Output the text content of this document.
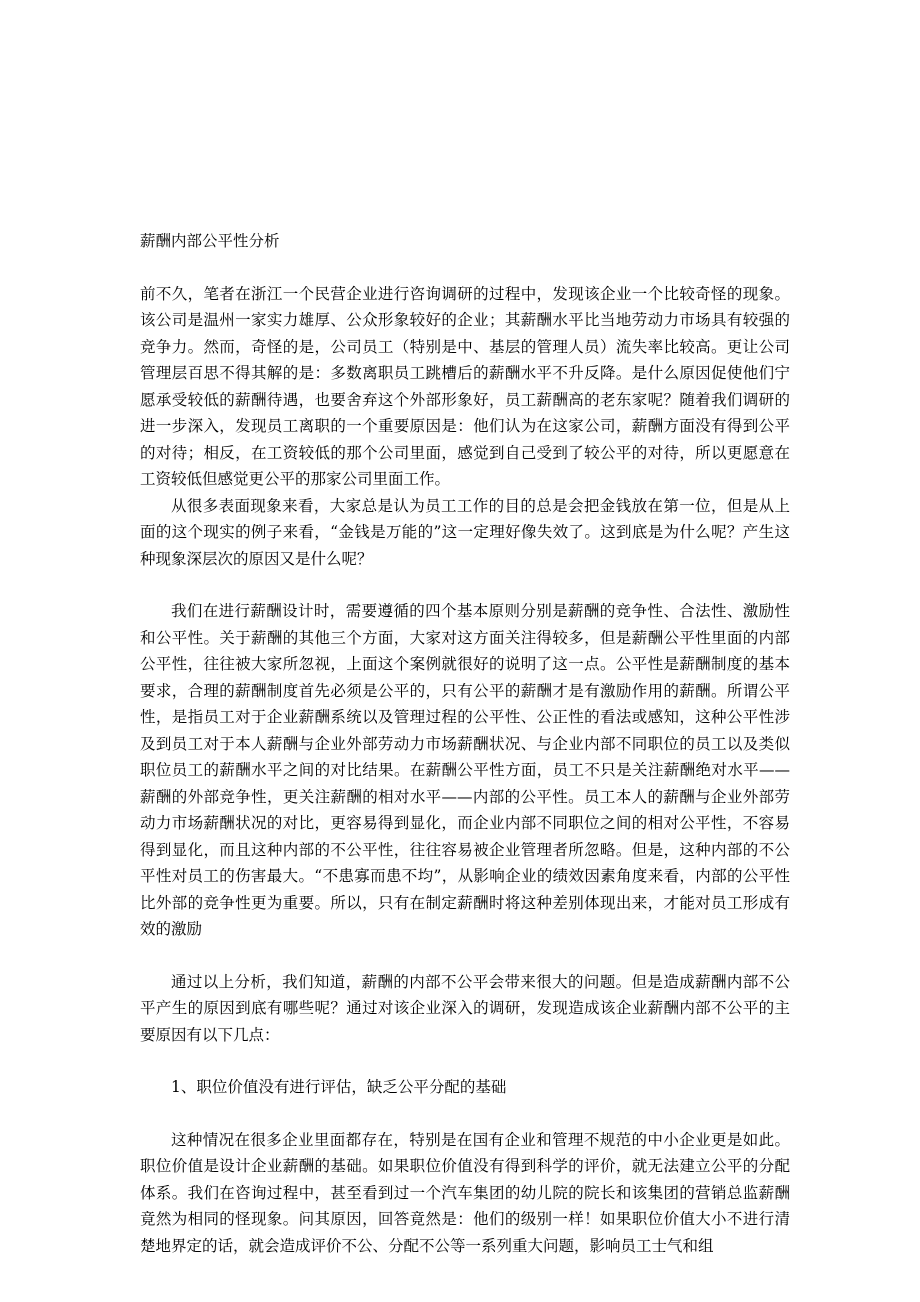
薪酬内部公平性分析

前不久，笔者在浙江一个民营企业进行咨询调研的过程中，发现该企业一个比较奇怪的现象。该公司是温州一家实力雄厚、公众形象较好的企业；其薪酬水平比当地劳动力市场具有较强的竞争力。然而，奇怪的是，公司员工（特别是中、基层的管理人员）流失率比较高。更让公司管理层百思不得其解的是：多数离职员工跳槽后的薪酬水平不升反降。是什么原因促使他们宁愿承受较低的薪酬待遇，也要舍弃这个外部形象好，员工薪酬高的老东家呢？随着我们调研的进一步深入，发现员工离职的一个重要原因是：他们认为在这家公司，薪酬方面没有得到公平的对待；相反，在工资较低的那个公司里面，感觉到自己受到了较公平的对待，所以更愿意在工资较低但感觉更公平的那家公司里面工作。

从很多表面现象来看，大家总是认为员工工作的目的总是会把金钱放在第一位，但是从上面的这个现实的例子来看，“金钱是万能的”这一定理好像失效了。这到底是为什么呢？产生这种现象深层次的原因又是什么呢？

我们在进行薪酬设计时，需要遵循的四个基本原则分别是薪酬的竞争性、合法性、激励性和公平性。关于薪酬的其他三个方面，大家对这方面关注得较多，但是薪酬公平性里面的内部公平性，往往被大家所忽视，上面这个案例就很好的说明了这一点。公平性是薪酬制度的基本要求，合理的薪酬制度首先必须是公平的，只有公平的薪酬才是有激励作用的薪酬。所谓公平性，是指员工对于企业薪酬系统以及管理过程的公平性、公正性的看法或感知，这种公平性涉及到员工对于本人薪酬与企业外部劳动力市场薪酬状况、与企业内部不同职位的员工以及类似职位员工的薪酬水平之间的对比结果。在薪酬公平性方面，员工不只是关注薪酬绝对水平——薪酬的外部竞争性，更关注薪酬的相对水平——内部的公平性。员工本人的薪酬与企业外部劳动力市场薪酬状况的对比，更容易得到显化，而企业内部不同职位之间的相对公平性，不容易得到显化，而且这种内部的不公平性，往往容易被企业管理者所忽略。但是，这种内部的不公平性对员工的伤害最大。“不患寡而患不均”，从影响企业的绩效因素角度来看，内部的公平性比外部的竞争性更为重要。所以，只有在制定薪酬时将这种差别体现出来，才能对员工形成有效的激励

通过以上分析，我们知道，薪酬的内部不公平会带来很大的问题。但是造成薪酬内部不公平产生的原因到底有哪些呢？通过对该企业深入的调研，发现造成该企业薪酬内部不公平的主要原因有以下几点：

1、职位价值没有进行评估，缺乏公平分配的基础

这种情况在很多企业里面都存在，特别是在国有企业和管理不规范的中小企业更是如此。职位价值是设计企业薪酬的基础。如果职位价值没有得到科学的评价，就无法建立公平的分配体系。我们在咨询过程中，甚至看到过一个汽车集团的幼儿院的院长和该集团的营销总监薪酬竟然为相同的怪现象。问其原因，回答竟然是：他们的级别一样！如果职位价值大小不进行清楚地界定的话，就会造成评价不公、分配不公等一系列重大问题，影响员工士气和组
